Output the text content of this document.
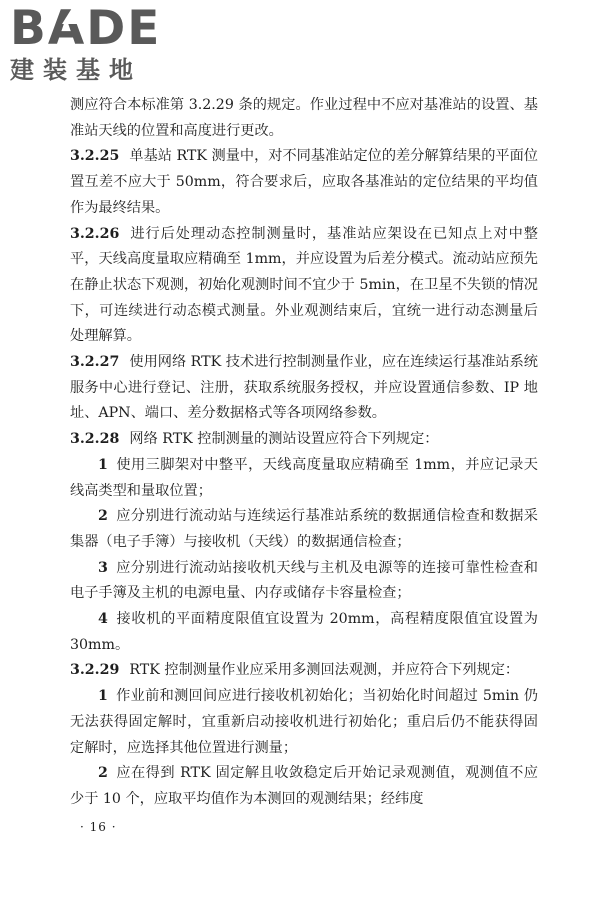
BADE
建装基地

测应符合本标准第 3.2.29 条的规定。作业过程中不应对基准站的设置、基准站天线的位置和高度进行更改。

3.2.25 单基站 RTK 测量中，对不同基准站定位的差分解算结果的平面位置互差不应大于 50mm，符合要求后，应取各基准站的定位结果的平均值作为最终结果。

3.2.26 进行后处理动态控制测量时，基准站应架设在已知点上对中整平，天线高度量取应精确至 1mm，并应设置为后差分模式。流动站应预先在静止状态下观测，初始化观测时间不宜少于 5min，在卫星不失锁的情况下，可连续进行动态模式测量。外业观测结束后，宜统一进行动态测量后处理解算。

3.2.27 使用网络 RTK 技术进行控制测量作业，应在连续运行基准站系统服务中心进行登记、注册，获取系统服务授权，并应设置通信参数、IP 地址、APN、端口、差分数据格式等各项网络参数。

3.2.28 网络 RTK 控制测量的测站设置应符合下列规定：

1 使用三脚架对中整平，天线高度量取应精确至 1mm，并应记录天线高类型和量取位置；

2 应分别进行流动站与连续运行基准站系统的数据通信检查和数据采集器（电子手簿）与接收机（天线）的数据通信检查；

3 应分别进行流动站接收机天线与主机及电源等的连接可靠性检查和电子手簿及主机的电源电量、内存或储存卡容量检查；

4 接收机的平面精度限值宜设置为 20mm，高程精度限值宜设置为 30mm。

3.2.29 RTK 控制测量作业应采用多测回法观测，并应符合下列规定：

1 作业前和测回间应进行接收机初始化；当初始化时间超过 5min 仍无法获得固定解时，宜重新启动接收机进行初始化；重启后仍不能获得固定解时，应选择其他位置进行测量；

2 应在得到 RTK 固定解且收敛稳定后开始记录观测值，观测值不应少于 10 个，应取平均值作为本测回的观测结果；经纬度

· 16 ·
